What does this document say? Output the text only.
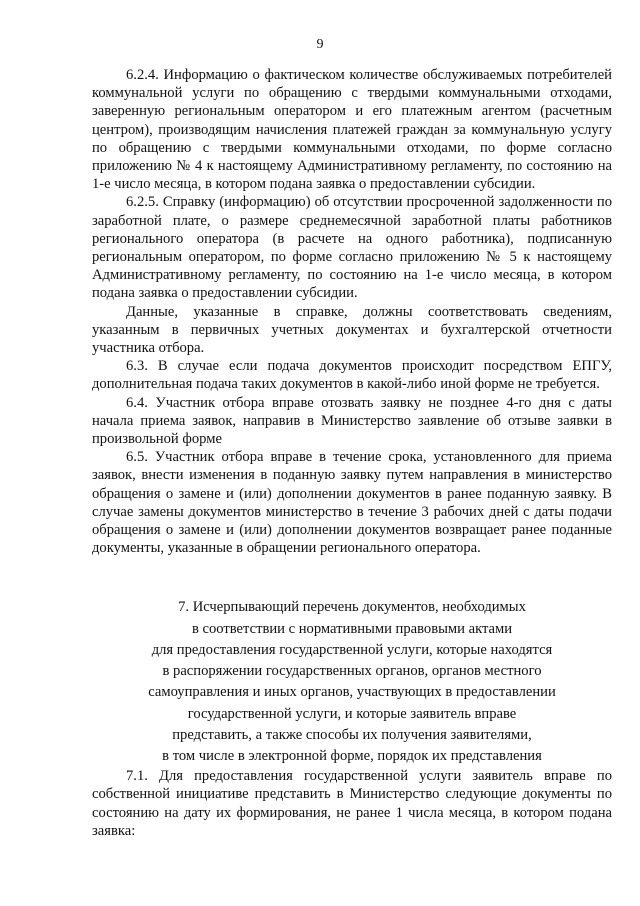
9

6.2.4. Информацию о фактическом количестве обслуживаемых потребителей коммунальной услуги по обращению с твердыми коммунальными отходами, заверенную региональным оператором и его платежным агентом (расчетным центром), производящим начисления платежей граждан за коммунальную услугу по обращению с твердыми коммунальными отходами, по форме согласно приложению № 4 к настоящему Административному регламенту, по состоянию на 1-е число месяца, в котором подана заявка о предоставлении субсидии.

6.2.5. Справку (информацию) об отсутствии просроченной задолженности по заработной плате, о размере среднемесячной заработной платы работников регионального оператора (в расчете на одного работника), подписанную региональным оператором, по форме согласно приложению № 5 к настоящему Административному регламенту, по состоянию на 1-е число месяца, в котором подана заявка о предоставлении субсидии.

Данные, указанные в справке, должны соответствовать сведениям, указанным в первичных учетных документах и бухгалтерской отчетности участника отбора.

6.3. В случае если подача документов происходит посредством ЕПГУ, дополнительная подача таких документов в какой-либо иной форме не требуется.

6.4. Участник отбора вправе отозвать заявку не позднее 4-го дня с даты начала приема заявок, направив в Министерство заявление об отзыве заявки в произвольной форме

6.5. Участник отбора вправе в течение срока, установленного для приема заявок, внести изменения в поданную заявку путем направления в министерство обращения о замене и (или) дополнении документов в ранее поданную заявку. В случае замены документов министерство в течение 3 рабочих дней с даты подачи обращения о замене и (или) дополнении документов возвращает ранее поданные документы, указанные в обращении регионального оператора.

7. Исчерпывающий перечень документов, необходимых
в соответствии с нормативными правовыми актами
для предоставления государственной услуги, которые находятся
в распоряжении государственных органов, органов местного
самоуправления и иных органов, участвующих в предоставлении
государственной услуги, и которые заявитель вправе
представить, а также способы их получения заявителями,
в том числе в электронной форме, порядок их представления

7.1. Для предоставления государственной услуги заявитель вправе по собственной инициативе представить в Министерство следующие документы по состоянию на дату их формирования, не ранее 1 числа месяца, в котором подана заявка:
